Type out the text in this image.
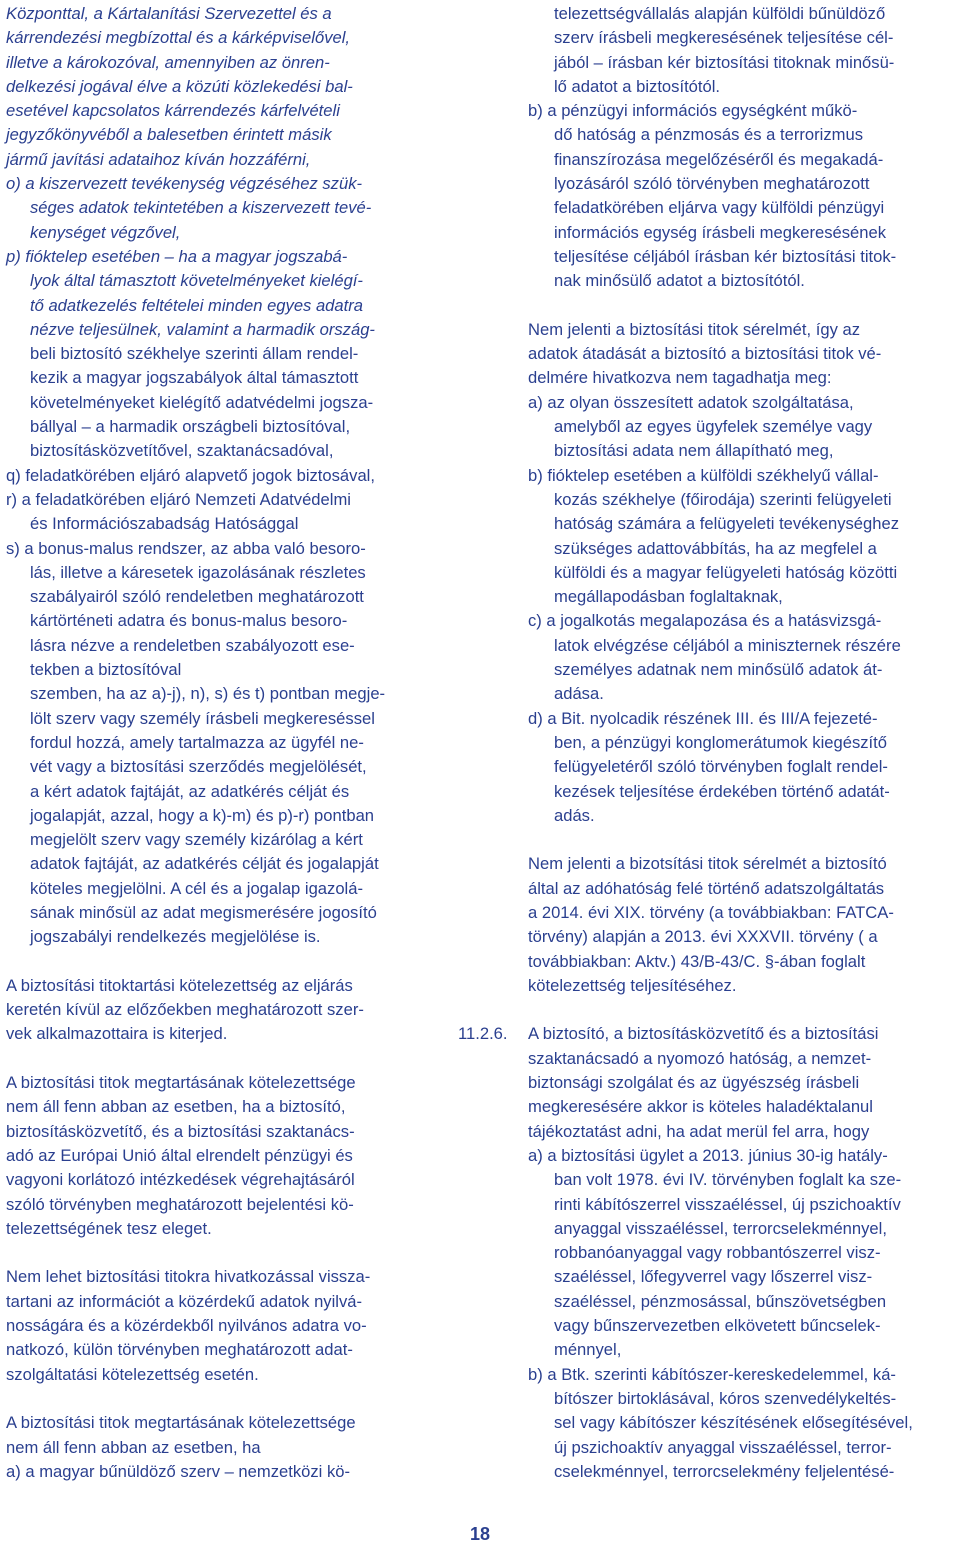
Központtal, a Kártalanítási Szervezettel és a
kárrendezési megbízottal és a kárképviselővel,
illetve a károkozóval, amennyiben az önren-
delkezési jogával élve a közúti közlekedési bal-
esetével kapcsolatos kárrendezés kárfelvételi
jegyzőkönyvéből a balesetben érintett másik
jármű javítási adataihoz kíván hozzáférni,
o) a kiszervezett tevékenység végzéséhez szük-
séges adatok tekintetében a kiszervezett tevé-
kenységet végzővel,
p) fióktelep esetében – ha a magyar jogszabá-
lyok által támasztott követelményeket kielégí-
tő adatkezelés feltételei minden egyes adatra
nézve teljesülnek, valamint a harmadik ország-
beli biztosító székhelye szerinti állam rendel-
kezik a magyar jogszabályok által támasztott
követelményeket kielégítő adatvédelmi jogsza-
bállyal – a harmadik országbeli biztosítóval,
biztosításközvetítővel, szaktanácsadóval,
q) feladatkörében eljáró alapvető jogok biztosával,
r) a feladatkörében eljáró Nemzeti Adatvédelmi
és Információszabadság Hatósággal
s) a bonus-malus rendszer, az abba való besoro-
lás, illetve a káresetek igazolásának részletes
szabályairól szóló rendeletben meghatározott
kártörténeti adatra és bonus-malus besoro-
lásra nézve a rendeletben szabályozott ese-
tekben a biztosítóval
szemben, ha az a)-j), n), s) és t) pontban megje-
lölt szerv vagy személy írásbeli megkereséssel
fordul hozzá, amely tartalmazza az ügyfél ne-
vét vagy a biztosítási szerződés megjelölését,
a kért adatok fajtáját, az adatkérés célját és
jogalapját, azzal, hogy a k)-m) és p)-r) pontban
megjelölt szerv vagy személy kizárólag a kért
adatok fajtáját, az adatkérés célját és jogalapját
köteles megjelölni. A cél és a jogalap igazolá-
sának minősül az adat megismerésére jogosító
jogszabályi rendelkezés megjelölése is.
A biztosítási titoktartási kötelezettség az eljárás
keretén kívül az előzőekben meghatározott szer-
vek alkalmazottaira is kiterjed.
A biztosítási titok megtartásának kötelezettsége
nem áll fenn abban az esetben, ha a biztosító,
biztosításközvetítő, és a biztosítási szaktanács-
adó az Európai Unió által elrendelt pénzügyi és
vagyoni korlátozó intézkedések végrehajtásáról
szóló törvényben meghatározott bejelentési kö-
telezettségének tesz eleget.
Nem lehet biztosítási titokra hivatkozással vissza-
tartani az információt a közérdekű adatok nyilvá-
nosságára és a közérdekből nyilvános adatra vo-
natkozó, külön törvényben meghatározott adat-
szolgáltatási kötelezettség esetén.
A biztosítási titok megtartásának kötelezettsége
nem áll fenn abban az esetben, ha
a) a magyar bűnüldöző szerv – nemzetközi kö-
telezettségvállalás alapján külföldi bűnüldöző
szerv írásbeli megkeresésének teljesítése cél-
jából – írásban kér biztosítási titoknak minősü-
lő adatot a biztosítótól.
b) a pénzügyi információs egységként műkö-
dő hatóság a pénzmosás és a terrorizmus
finanszírozása megelőzéséről és megakadá-
lyozásáról szóló törvényben meghatározott
feladatkörében eljárva vagy külföldi pénzügyi
információs egység írásbeli megkeresésének
teljesítése céljából írásban kér biztosítási titok-
nak minősülő adatot a biztosítótól.
Nem jelenti a biztosítási titok sérelmét, így az
adatok átadását a biztosító a biztosítási titok vé-
delmére hivatkozva nem tagadhatja meg:
a) az olyan összesített adatok szolgáltatása,
amelyből az egyes ügyfelek személye vagy
biztosítási adata nem állapítható meg,
b) fióktelep esetében a külföldi székhelyű vállal-
kozás székhelye (főirodája) szerinti felügyeleti
hatóság számára a felügyeleti tevékenységhez
szükséges adattovábbítás, ha az megfelel a
külföldi és a magyar felügyeleti hatóság közötti
megállapodásban foglaltaknak,
c) a jogalkotás megalapozása és a hatásvizsgá-
latok elvégzése céljából a miniszternek részére
személyes adatnak nem minősülő adatok át-
adása.
d) a Bit. nyolcadik részének III. és III/A fejezeté-
ben, a pénzügyi konglomerátumok kiegészítő
felügyeletéről szóló törvényben foglalt rendel-
kezések teljesítése érdekében történő adatát-
adás.
Nem jelenti a bizotsítási titok sérelmét a biztosító
által az adóhatóság felé történő adatszolgáltatás
a 2014. évi XIX. törvény (a továbbiakban: FATCA-
törvény) alapján a 2013. évi XXXVII. törvény ( a
továbbiakban: Aktv.) 43/B-43/C. §-ában foglalt
kötelezettség teljesítéséhez.
11.2.6.	A biztosító, a biztosításközvetítő és a biztosítási
szaktanácsadó a nyomozó hatóság, a nemzet-
biztonsági szolgálat és az ügyészség írásbeli
megkeresésére akkor is köteles haladéktalanul
tájékoztatást adni, ha adat merül fel arra, hogy
a) a biztosítási ügylet a 2013. június 30-ig hatály-
ban volt 1978. évi IV. törvényben foglalt ka sze-
rinti kábítószerrel visszaéléssel, új pszichoaktív
anyaggal visszaéléssel, terrorcselekménnyel,
robbanóanyaggal vagy robbantószerrel visz-
szaéléssel, lőfegyverrel vagy lőszerrel visz-
szaéléssel, pénzmosással, bűnszövetségben
vagy bűnszervezetben elkövetett bűncselek-
ménnyel,
b) a Btk. szerinti kábítószer-kereskedelemmel, ká-
bítószer birtoklásával, kóros szenvedélykeltés-
sel vagy kábítószer készítésének elősegítésével,
új pszichoaktív anyaggal visszaéléssel, terror-
cselekménnyel, terrorcselekmény feljelentésé-
18
